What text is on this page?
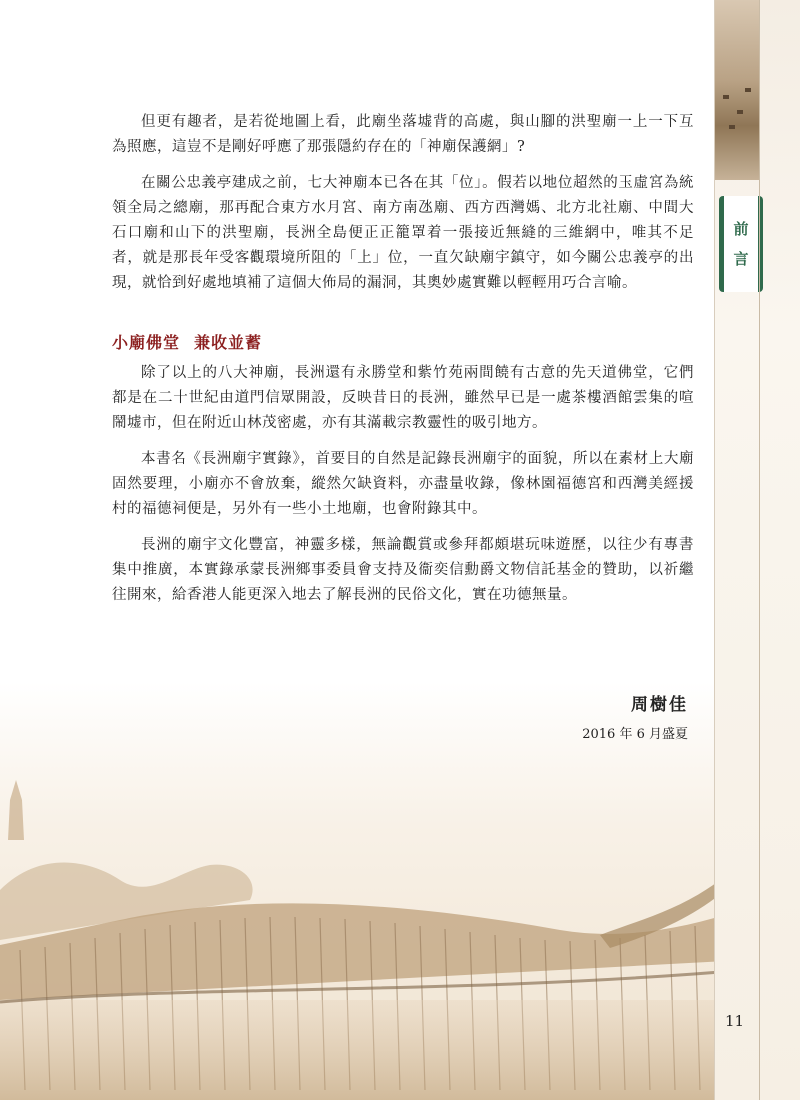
前
言

但更有趣者，是若從地圖上看，此廟坐落墟背的高處，與山腳的洪聖廟一上一下互為照應，這豈不是剛好呼應了那張隱約存在的「神廟保護網」?

在關公忠義亭建成之前，七大神廟本已各在其「位」。假若以地位超然的玉虛宮為統領全局之總廟，那再配合東方水月宮、南方南氹廟、西方西灣媽、北方北社廟、中間大石口廟和山下的洪聖廟，長洲全島便正正籠罩着一張接近無縫的三維網中，唯其不足者，就是那長年受客觀環境所阻的「上」位，一直欠缺廟宇鎮守，如今關公忠義亭的出現，就恰到好處地填補了這個大佈局的漏洞，其奧妙處實難以輕輕用巧合言喻。

小廟佛堂 兼收並蓄

除了以上的八大神廟，長洲還有永勝堂和紫竹苑兩間饒有古意的先天道佛堂，它們都是在二十世紀由道門信眾開設，反映昔日的長洲，雖然早已是一處茶樓酒館雲集的喧鬧墟市，但在附近山林茂密處，亦有其滿載宗教靈性的吸引地方。

本書名《長洲廟宇實錄》，首要目的自然是記錄長洲廟宇的面貌，所以在素材上大廟固然要理，小廟亦不會放棄，縱然欠缺資料，亦盡量收錄，像林園福德宮和西灣美經援村的福德祠便是，另外有一些小土地廟，也會附錄其中。

長洲的廟宇文化豐富，神靈多樣，無論觀賞或參拜都頗堪玩味遊歷，以往少有專書集中推廣，本實錄承蒙長洲鄉事委員會支持及衞奕信勳爵文物信託基金的贊助，以祈繼往開來，給香港人能更深入地去了解長洲的民俗文化，實在功德無量。

周樹佳
2016 年 6 月盛夏
11
